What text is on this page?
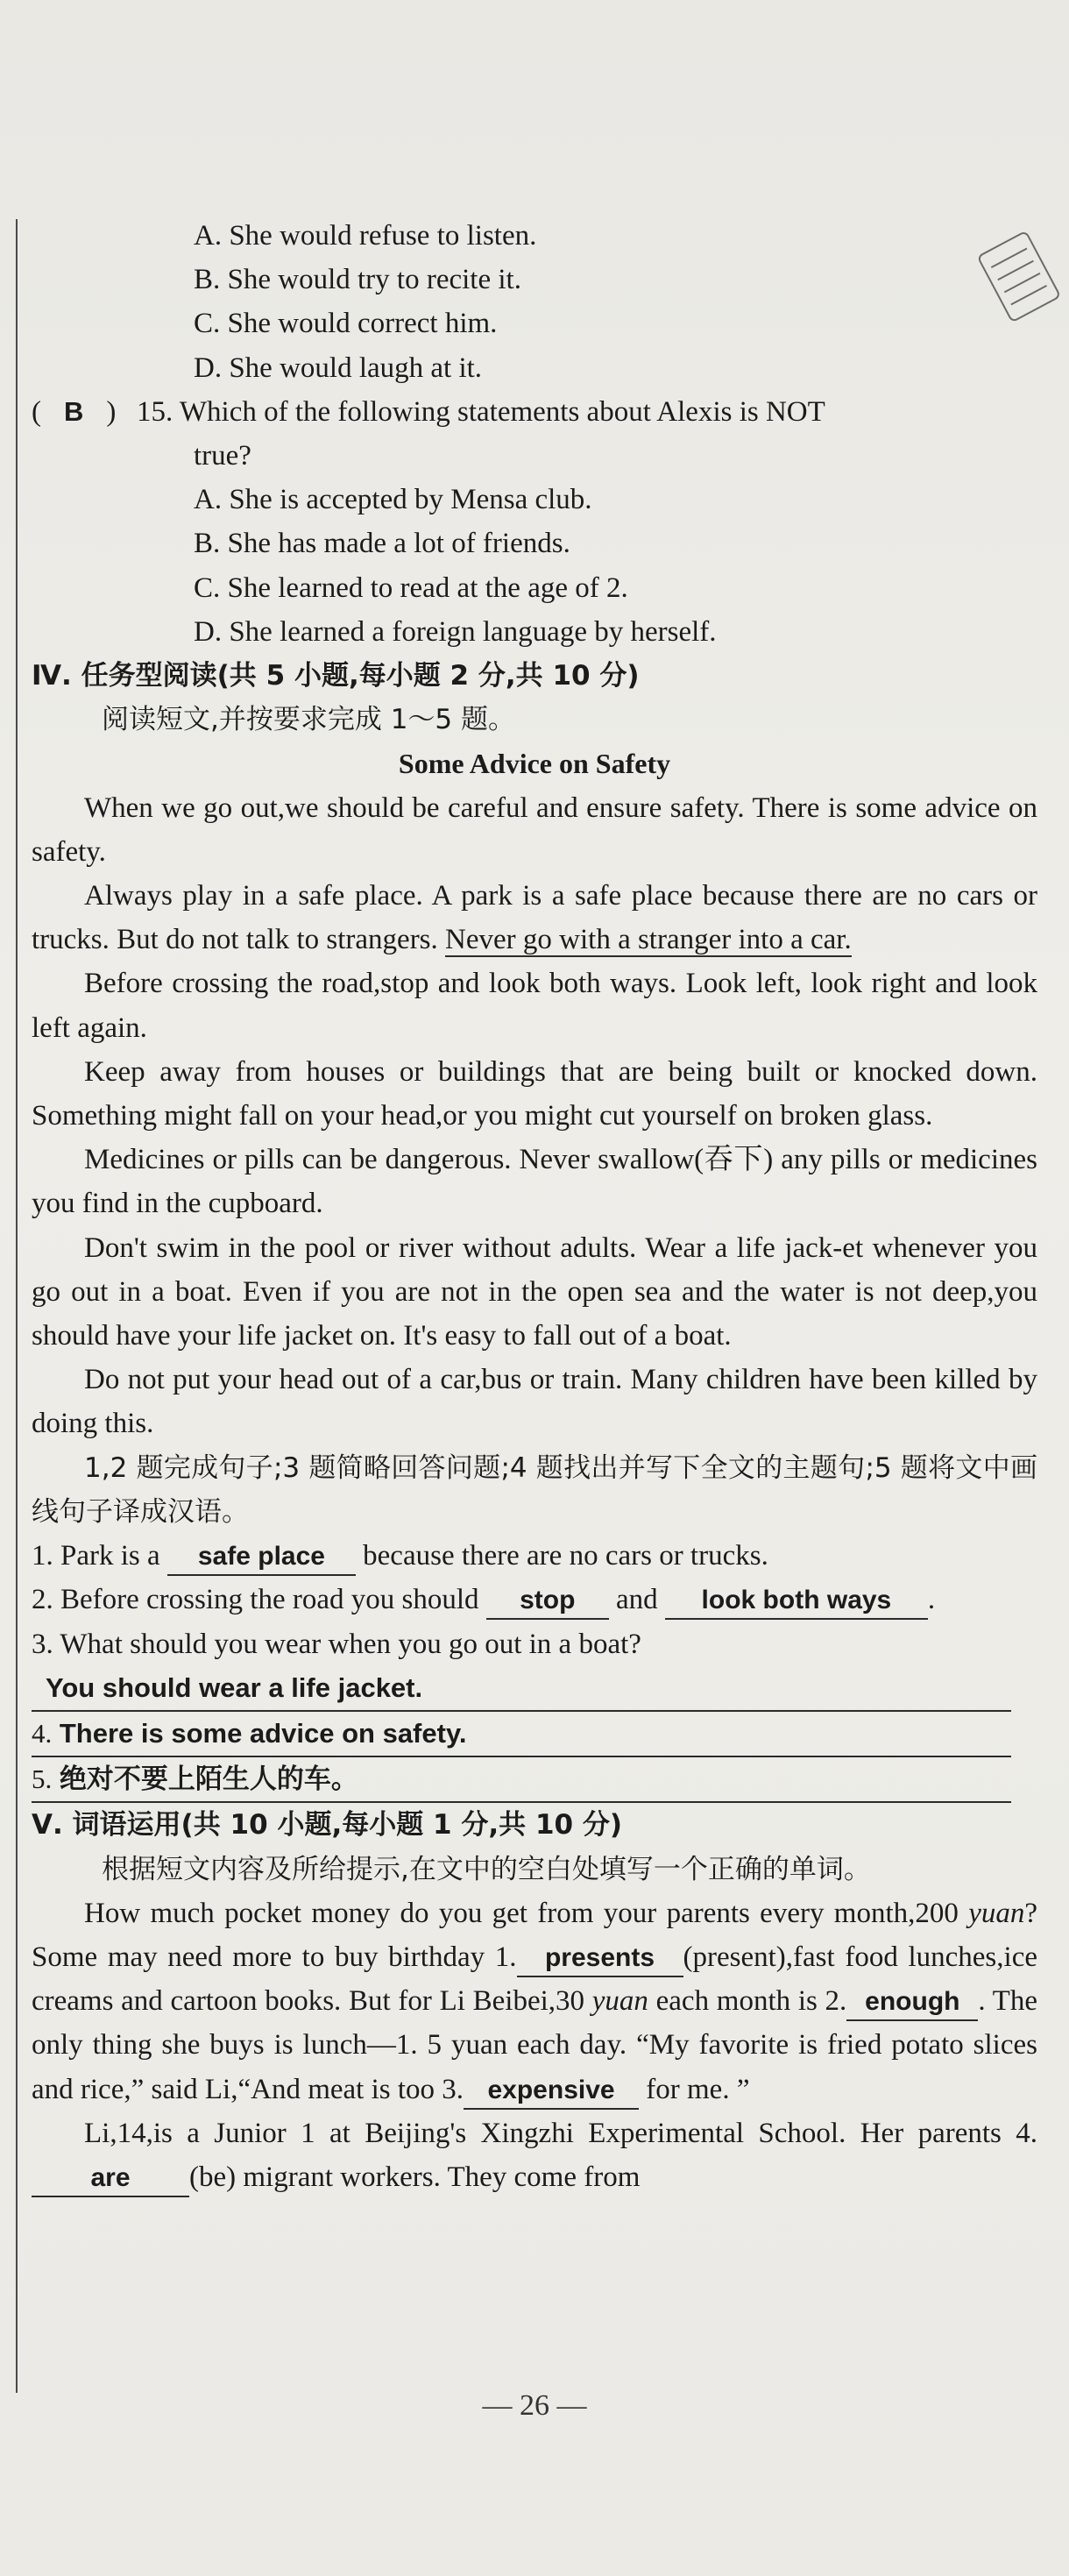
A. She would refuse to listen.
B. She would try to recite it.
C. She would correct him.
D. She would laugh at it.
( B ) 15. Which of the following statements about Alexis is NOT
true?
A. She is accepted by Mensa club.
B. She has made a lot of friends.
C. She learned to read at the age of 2.
D. She learned a foreign language by herself.
Ⅳ. 任务型阅读(共 5 小题,每小题 2 分,共 10 分)
阅读短文,并按要求完成 1～5 题。
Some Advice on Safety
When we go out,we should be careful and ensure safety. There is some advice on safety.
Always play in a safe place. A park is a safe place because there are no cars or trucks. But do not talk to strangers. Never go with a stranger into a car.
Before crossing the road,stop and look both ways. Look left, look right and look left again.
Keep away from houses or buildings that are being built or knocked down. Something might fall on your head,or you might cut yourself on broken glass.
Medicines or pills can be dangerous. Never swallow(吞下) any pills or medicines you find in the cupboard.
Don't swim in the pool or river without adults. Wear a life jack-et whenever you go out in a boat. Even if you are not in the open sea and the water is not deep,you should have your life jacket on. It's easy to fall out of a boat.
Do not put your head out of a car,bus or train. Many children have been killed by doing this.
1,2 题完成句子;3 题简略回答问题;4 题找出并写下全文的主题句;5 题将文中画线句子译成汉语。
1. Park is a safe place because there are no cars or trucks.
2. Before crossing the road you should stop and look both ways .
3. What should you wear when you go out in a boat?
You should wear a life jacket.
4. There is some advice on safety.
5. 绝对不要上陌生人的车。
Ⅴ. 词语运用(共 10 小题,每小题 1 分,共 10 分)
根据短文内容及所给提示,在文中的空白处填写一个正确的单词。
How much pocket money do you get from your parents every month,200 yuan? Some may need more to buy birthday 1. presents (present),fast food lunches,ice creams and cartoon books. But for Li Beibei,30 yuan each month is 2. enough . The only thing she buys is lunch—1. 5 yuan each day. “My favorite is fried potato slices and rice,” said Li,“And meat is too 3. expensive for me. ”
Li,14,is a Junior 1 at Beijing's Xingzhi Experimental School. Her parents 4.are (be) migrant workers. They come from
— 26 —
